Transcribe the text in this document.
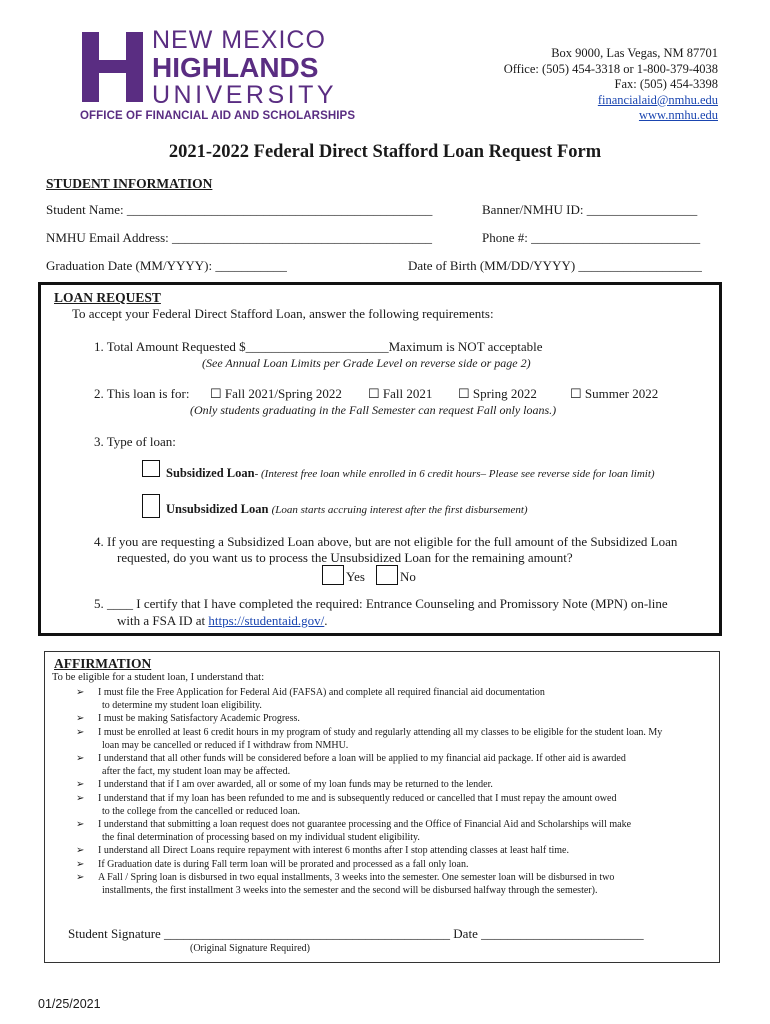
NEW MEXICO
HIGHLANDS
UNIVERSITY
OFFICE OF FINANCIAL AID AND SCHOLARSHIPS
Box 9000, Las Vegas, NM 87701
Office: (505) 454-3318 or 1-800-379-4038
Fax: (505) 454-3398
financialaid@nmhu.edu
www.nmhu.edu
2021-2022 Federal Direct Stafford Loan Request Form
STUDENT INFORMATION
Student Name: _______________________________________________	Banner/NMHU ID: _________________
NMHU Email Address: ________________________________________	Phone #: __________________________
Graduation Date (MM/YYYY): ___________	Date of Birth (MM/DD/YYYY) ___________________
LOAN REQUEST
To accept your Federal Direct Stafford Loan, answer the following requirements:
1. Total Amount Requested $______________________Maximum is NOT acceptable
(See Annual Loan Limits per Grade Level on reverse side or page 2)
2. This loan is for: ☐ Fall 2021/Spring 2022 ☐ Fall 2021 ☐ Spring 2022	☐ Summer 2022
(Only students graduating in the Fall Semester can request Fall only loans.)
3. Type of loan:
Subsidized Loan- (Interest free loan while enrolled in 6 credit hours– Please see reverse side for loan limit)
Unsubsidized Loan (Loan starts accruing interest after the first disbursement)
4. If you are requesting a Subsidized Loan above, but are not eligible for the full amount of the Subsidized Loan
requested, do you want us to process the Unsubsidized Loan for the remaining amount?
Yes	No
5. ____ I certify that I have completed the required: Entrance Counseling and Promissory Note (MPN) on-line
with a FSA ID at https://studentaid.gov/.
AFFIRMATION
To be eligible for a student loan, I understand that:
➢ I must file the Free Application for Federal Aid (FAFSA) and complete all required financial aid documentation
to determine my student loan eligibility.
➢ I must be making Satisfactory Academic Progress.
➢ I must be enrolled at least 6 credit hours in my program of study and regularly attending all my classes to be eligible for the student loan. My
loan may be cancelled or reduced if I withdraw from NMHU.
➢ I understand that all other funds will be considered before a loan will be applied to my financial aid package. If other aid is awarded
after the fact, my student loan may be affected.
➢ I understand that if I am over awarded, all or some of my loan funds may be returned to the lender.
➢ I understand that if my loan has been refunded to me and is subsequently reduced or cancelled that I must repay the amount owed
to the college from the cancelled or reduced loan.
➢ I understand that submitting a loan request does not guarantee processing and the Office of Financial Aid and Scholarships will make
the final determination of processing based on my individual student eligibility.
➢ I understand all Direct Loans require repayment with interest 6 months after I stop attending classes at least half time.
➢ If Graduation date is during Fall term loan will be prorated and processed as a fall only loan.
➢ A Fall / Spring loan is disbursed in two equal installments, 3 weeks into the semester. One semester loan will be disbursed in two
installments, the first installment 3 weeks into the semester and the second will be disbursed halfway through the semester).
Student Signature ____________________________________________ Date _________________________
(Original Signature Required)
01/25/2021
